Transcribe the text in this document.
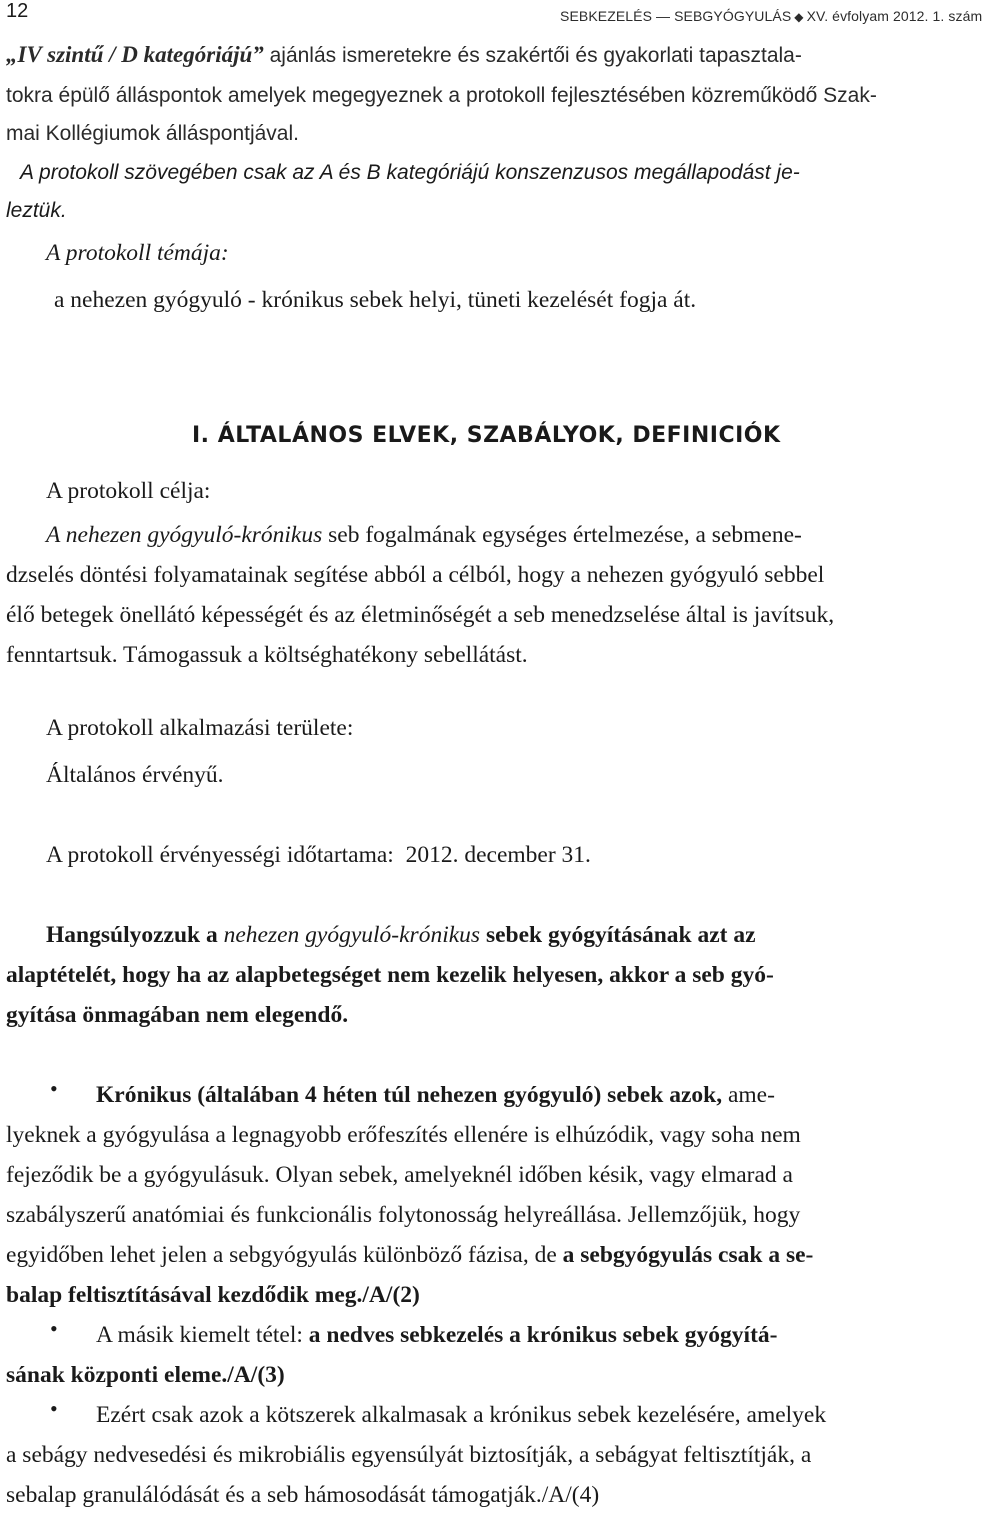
12	SEBKEZELÉS — SEBGYÓGYULÁS ◆ XV. évfolyam 2012. 1. szám
„IV szintű / D kategóriájú” ajánlás ismeretekre és szakértői és gyakorlati tapasztala-
tokra épülő álláspontok amelyek megegyeznek a protokoll fejlesztésében közreműködő Szak-
mai Kollégiumok álláspontjával.
A protokoll szövegében csak az A és B kategóriájú konszenzusos megállapodást je-
leztük.
A protokoll témája:
a nehezen gyógyuló - krónikus sebek helyi, tüneti kezelését fogja át.
I. ÁLTALÁNOS ELVEK, SZABÁLYOK, DEFINICIÓK
A protokoll célja:
A nehezen gyógyuló-krónikus seb fogalmának egységes értelmezése, a sebmene-
dzselés döntési folyamatainak segítése abból a célból, hogy a nehezen gyógyuló sebbel
élő betegek önellátó képességét és az életminőségét a seb menedzselése által is javítsuk,
fenntartsuk. Támogassuk a költséghatékony sebellátást.
A protokoll alkalmazási területe:
Általános érvényű.
A protokoll érvényességi időtartama: 2012. december 31.
Hangsúlyozzuk a nehezen gyógyuló-krónikus sebek gyógyításának azt az
alaptételét, hogy ha az alapbetegséget nem kezelik helyesen, akkor a seb gyó-
gyítása önmagában nem elegendő.
• Krónikus (általában 4 héten túl nehezen gyógyuló) sebek azok, ame-
lyeknek a gyógyulása a legnagyobb erőfeszítés ellenére is elhúzódik, vagy soha nem
fejeződik be a gyógyulásuk. Olyan sebek, amelyeknél időben késik, vagy elmarad a
szabályszerű anatómiai és funkcionális folytonosság helyreállása. Jellemzőjük, hogy
egyidőben lehet jelen a sebgyógyulás különböző fázisa, de a sebgyógyulás csak a se-
balap feltisztításával kezdődik meg./A/(2)
• A másik kiemelt tétel: a nedves sebkezelés a krónikus sebek gyógyítá-
sának központi eleme./A/(3)
• Ezért csak azok a kötszerek alkalmasak a krónikus sebek kezelésére, amelyek
a sebágy nedvesedési és mikrobiális egyensúlyát biztosítják, a sebágyat feltisztítják, a
sebalap granulálódását és a seb hámosodását támogatják./A/(4)
